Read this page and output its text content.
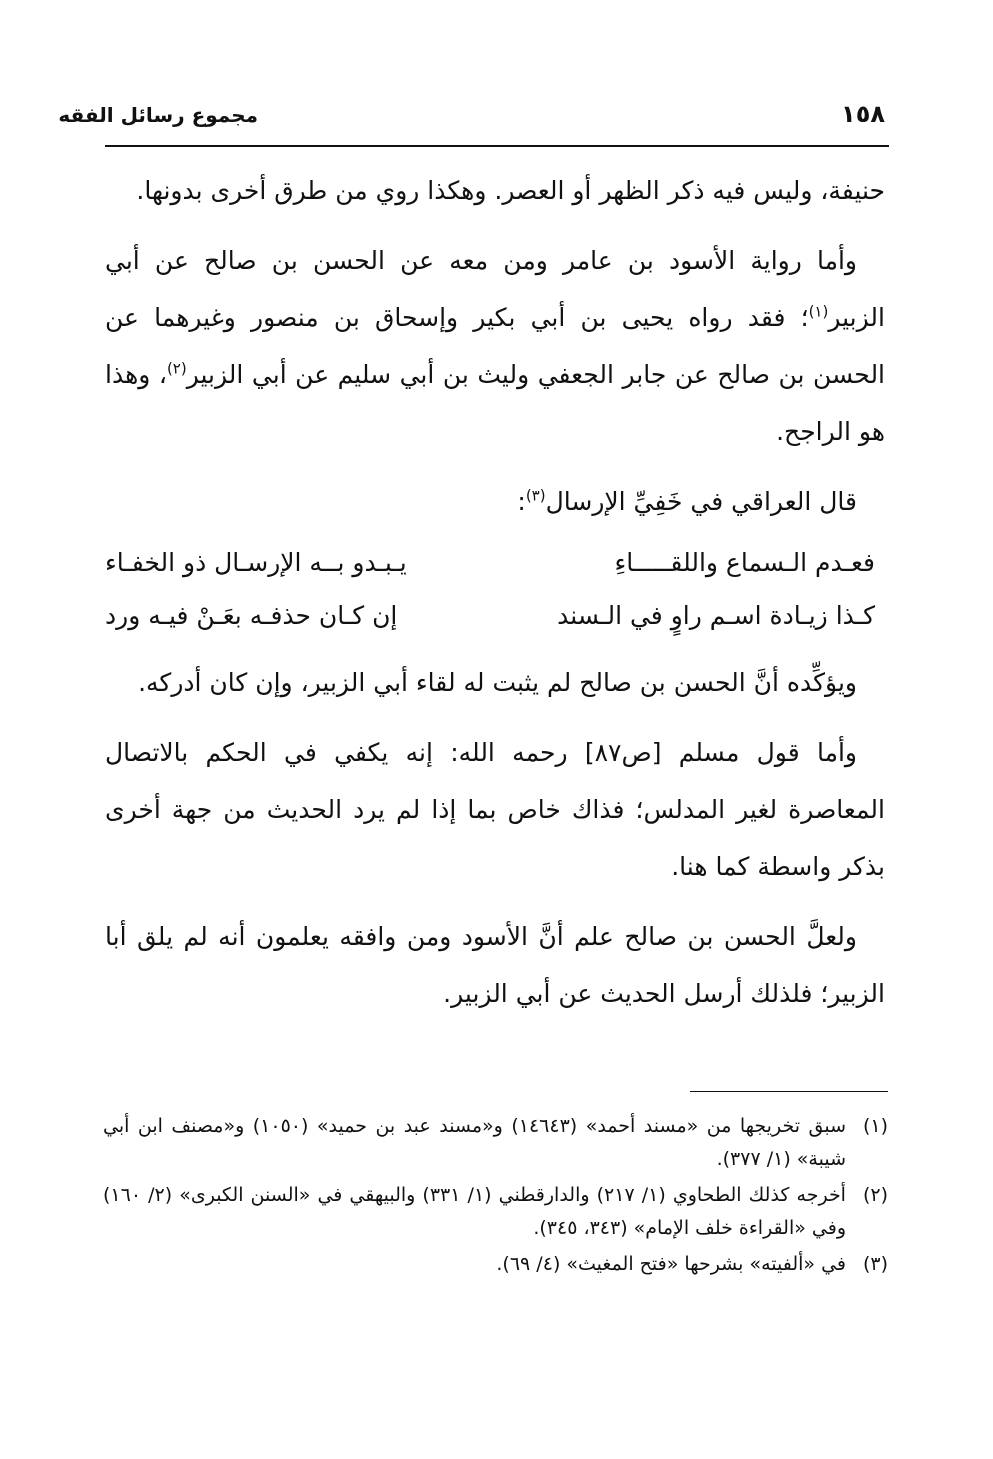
مجموع رسائل الفقه	١٥٨

حنيفة، وليس فيه ذكر الظهر أو العصر. وهكذا روي من طرق أخرى بدونها.

وأما رواية الأسود بن عامر ومن معه عن الحسن بن صالح عن أبي الزبير$^{(١)}$؛ فقد رواه يحيى بن أبي بكير وإسحاق بن منصور وغيرهما عن الحسن بن صالح عن جابر الجعفي وليث بن أبي سليم عن أبي الزبير$^{(٢)}$، وهذا هو الراجح.

قال العراقي في خَفِيِّ الإرسال$^{(٣)}$:

فعـدم الـسماع واللقـــــاءِ
يـبـدو بــه الإرسـال ذو الخفـاء
كـذا زيـادة اسـم راوٍ في الـسند
إن كـان حذفـه بعَـنْ فيـه ورد

ويؤكِّده أنَّ الحسن بن صالح لم يثبت له لقاء أبي الزبير، وإن كان أدركه.

وأما قول مسلم [ص٨٧] رحمه الله: إنه يكفي في الحكم بالاتصال المعاصرة لغير المدلس؛ فذاك خاص بما إذا لم يرد الحديث من جهة أخرى بذكر واسطة كما هنا.

ولعلَّ الحسن بن صالح علم أنَّ الأسود ومن وافقه يعلمون أنه لم يلق أبا الزبير؛ فلذلك أرسل الحديث عن أبي الزبير.

(١)
سبق تخريجها من «مسند أحمد» (١٤٦٤٣) و«مسند عبد بن حميد» (١٠٥٠) و«مصنف ابن أبي شيبة» (١/ ٣٧٧).
(٢)
أخرجه كذلك الطحاوي (١/ ٢١٧) والدارقطني (١/ ٣٣١) والبيهقي في «السنن الكبرى» (٢/ ١٦٠) وفي «القراءة خلف الإمام» (٣٤٣، ٣٤٥).
(٣)
في «ألفيته» بشرحها «فتح المغيث» (٤/ ٦٩).
